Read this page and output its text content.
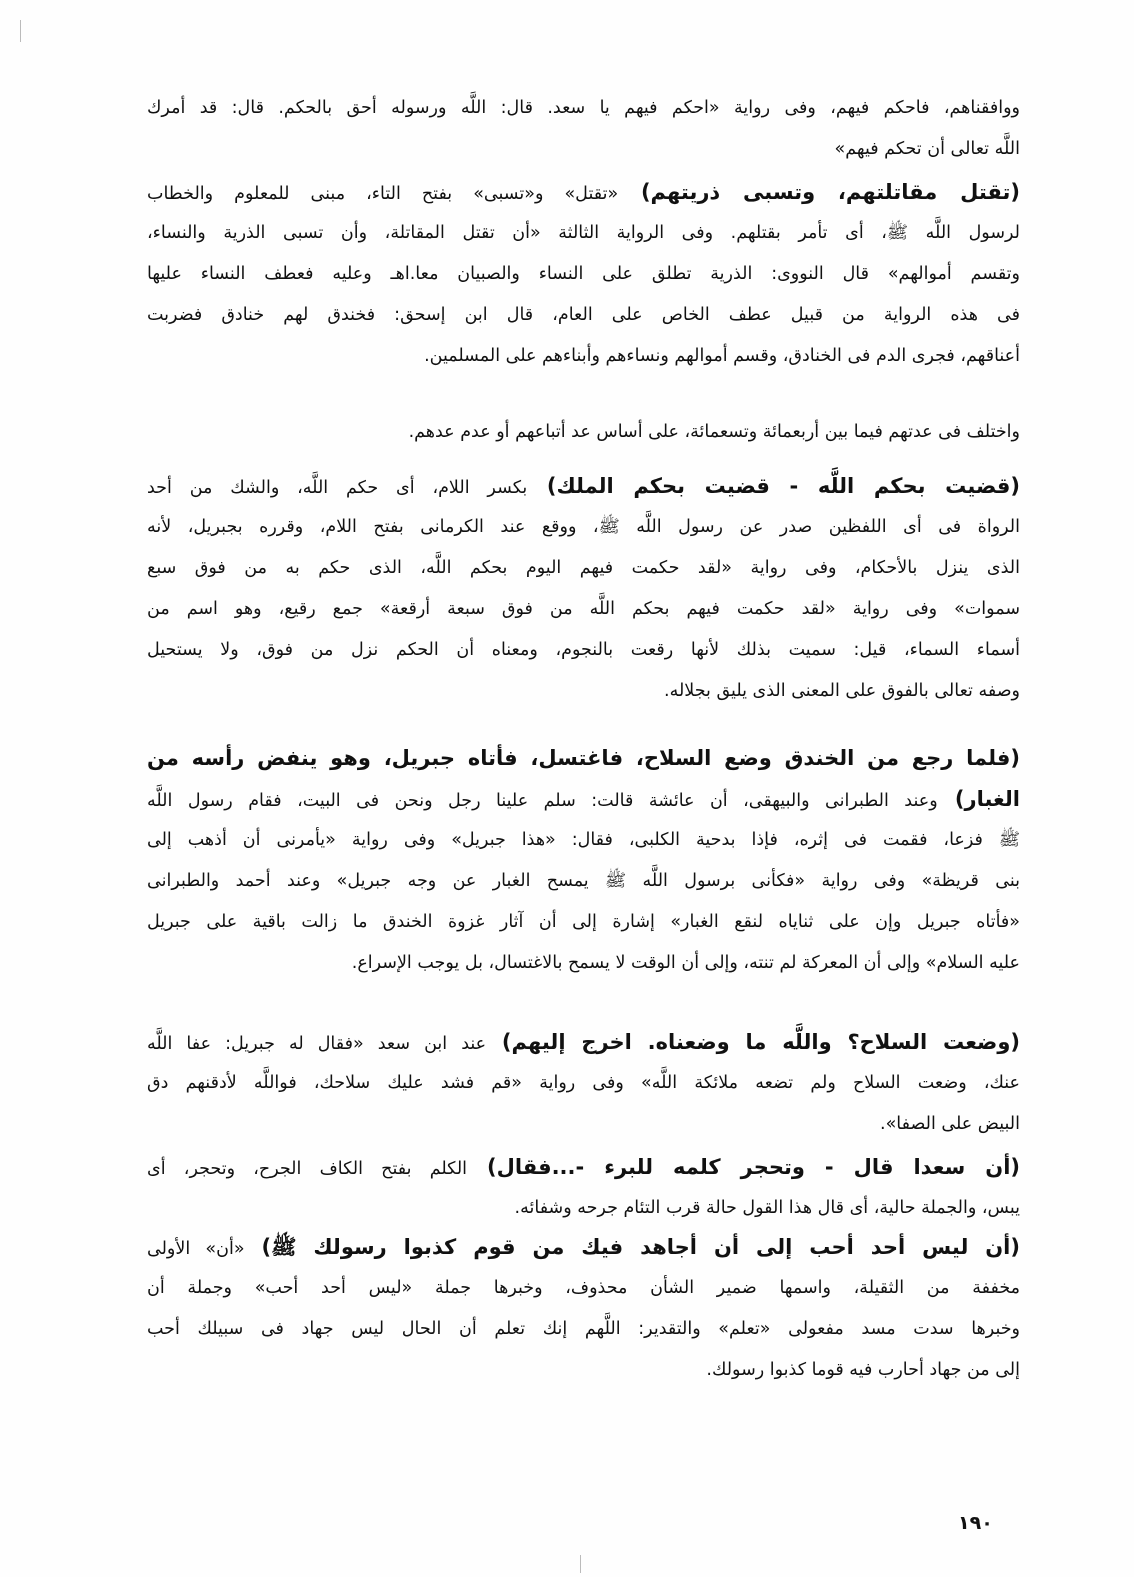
ووافقناهم، فاحكم فيهم، وفى رواية «احكم فيهم يا سعد. قال: اللَّه ورسوله أحق بالحكم. قال: قد أمرك
اللَّه تعالى أن تحكم فيهم»
(تقتل مقاتلتهم، وتسبى ذريتهم) «تقتل» و«تسبى» بفتح التاء، مبنى للمعلوم والخطاب
لرسول اللَّه ﷺ، أى تأمر بقتلهم. وفى الرواية الثالثة «أن تقتل المقاتلة، وأن تسبى الذرية والنساء،
وتقسم أموالهم» قال النووى: الذرية تطلق على النساء والصبيان معا.اهـ وعليه فعطف النساء عليها
فى هذه الرواية من قبيل عطف الخاص على العام، قال ابن إسحق: فخندق لهم خنادق فضربت
أعناقهم، فجرى الدم فى الخنادق، وقسم أموالهم ونساءهم وأبناءهم على المسلمين.
واختلف فى عدتهم فيما بين أربعمائة وتسعمائة، على أساس عد أتباعهم أو عدم عدهم.
(قضيت بحكم اللَّه - قضيت بحكم الملك) بكسر اللام، أى حكم اللَّه، والشك من أحد
الرواة فى أى اللفظين صدر عن رسول اللَّه ﷺ، ووقع عند الكرمانى بفتح اللام، وقرره بجبريل، لأنه
الذى ينزل بالأحكام، وفى رواية «لقد حكمت فيهم اليوم بحكم اللَّه، الذى حكم به من فوق سبع
سموات» وفى رواية «لقد حكمت فيهم بحكم اللَّه من فوق سبعة أرقعة» جمع رقيع، وهو اسم من
أسماء السماء، قيل: سميت بذلك لأنها رقعت بالنجوم، ومعناه أن الحكم نزل من فوق، ولا يستحيل
وصفه تعالى بالفوق على المعنى الذى يليق بجلاله.
(فلما رجع من الخندق وضع السلاح، فاغتسل، فأتاه جبريل، وهو ينفض رأسه من
الغبار) وعند الطبرانى والبيهقى، أن عائشة قالت: سلم علينا رجل ونحن فى البيت، فقام رسول اللَّه
ﷺ فزعا، فقمت فى إثره، فإذا بدحية الكلبى، فقال: «هذا جبريل» وفى رواية «يأمرنى أن أذهب إلى
بنى قريظة» وفى رواية «فكأنى برسول اللَّه ﷺ يمسح الغبار عن وجه جبريل» وعند أحمد والطبرانى
«فأتاه جبريل وإن على ثناياه لنقع الغبار» إشارة إلى أن آثار غزوة الخندق ما زالت باقية على جبريل
عليه السلام» وإلى أن المعركة لم تنته، وإلى أن الوقت لا يسمح بالاغتسال، بل يوجب الإسراع.
(وضعت السلاح؟ واللَّه ما وضعناه. اخرج إليهم) عند ابن سعد «فقال له جبريل: عفا اللَّه
عنك، وضعت السلاح ولم تضعه ملائكة اللَّه» وفى رواية «قم فشد عليك سلاحك، فواللَّه لأدقنهم دق
البيض على الصفا».
(أن سعدا قال - وتحجر كلمه للبرء -...فقال) الكلم بفتح الكاف الجرح، وتحجر، أى
يبس، والجملة حالية، أى قال هذا القول حالة قرب التئام جرحه وشفائه.
(أن ليس أحد أحب إلى أن أجاهد فيك من قوم كذبوا رسولك ﷺ) «أن» الأولى
مخففة من الثقيلة، واسمها ضمير الشأن محذوف، وخبرها جملة «ليس أحد أحب» وجملة أن
وخبرها سدت مسد مفعولى «تعلم» والتقدير: اللَّهم إنك تعلم أن الحال ليس جهاد فى سبيلك أحب
إلى من جهاد أحارب فيه قوما كذبوا رسولك.
١٩٠
